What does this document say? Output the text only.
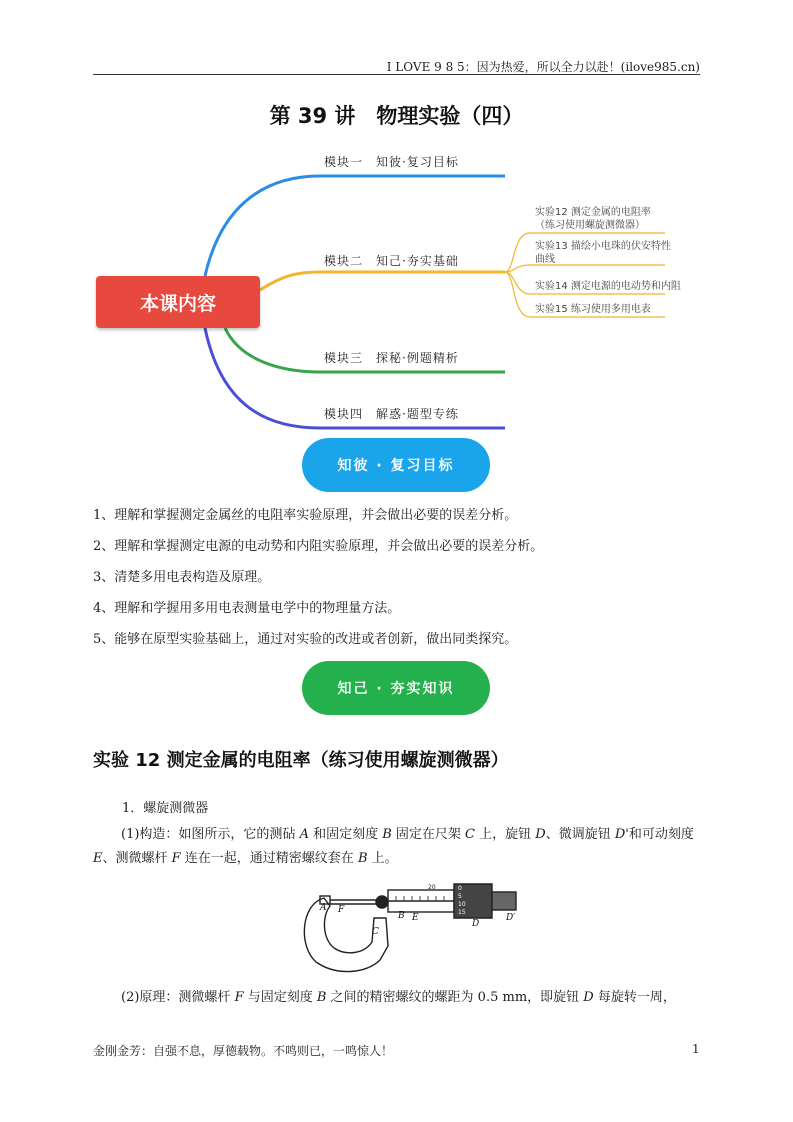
I LOVE 9 8 5：因为热爱，所以全力以赴！(ilove985.cn)
第 39 讲　物理实验（四）
本课内容
模块一　知彼·复习目标
模块二　知己·夯实基础
模块三　探秘·例题精析
模块四　解惑·题型专练
实验12 测定金属的电阻率
（练习使用螺旋测微器）
实验13 描绘小电珠的伏安特性
曲线
实验14 测定电源的电动势和内阻
实验15 练习使用多用电表
知彼 · 复习目标
1、理解和掌握测定金属丝的电阻率实验原理，并会做出必要的误差分析。
2、理解和掌握测定电源的电动势和内阻实验原理，并会做出必要的误差分析。
3、清楚多用电表构造及原理。
4、理解和学握用多用电表测量电学中的物理量方法。
5、能够在原型实验基础上，通过对实验的改进或者创新，做出同类探究。
知己 · 夯实知识
实验 12 测定金属的电阻率（练习使用螺旋测微器）
1．螺旋测微器
(1)构造：如图所示，它的测砧 A 和固定刻度 B 固定在尺架 C 上，旋钮 D、微调旋钮 D'和可动刻度 E、测微螺杆 F 连在一起，通过精密螺纹套在 B 上。
A F
B E
C
D
D′
0
5
10
15
20
(2)原理：测微螺杆 F 与固定刻度 B 之间的精密螺纹的螺距为 0.5 mm，即旋钮 D 每旋转一周，
金刚金芳：自强不息，厚德载物。不鸣则已，一鸣惊人！	1
